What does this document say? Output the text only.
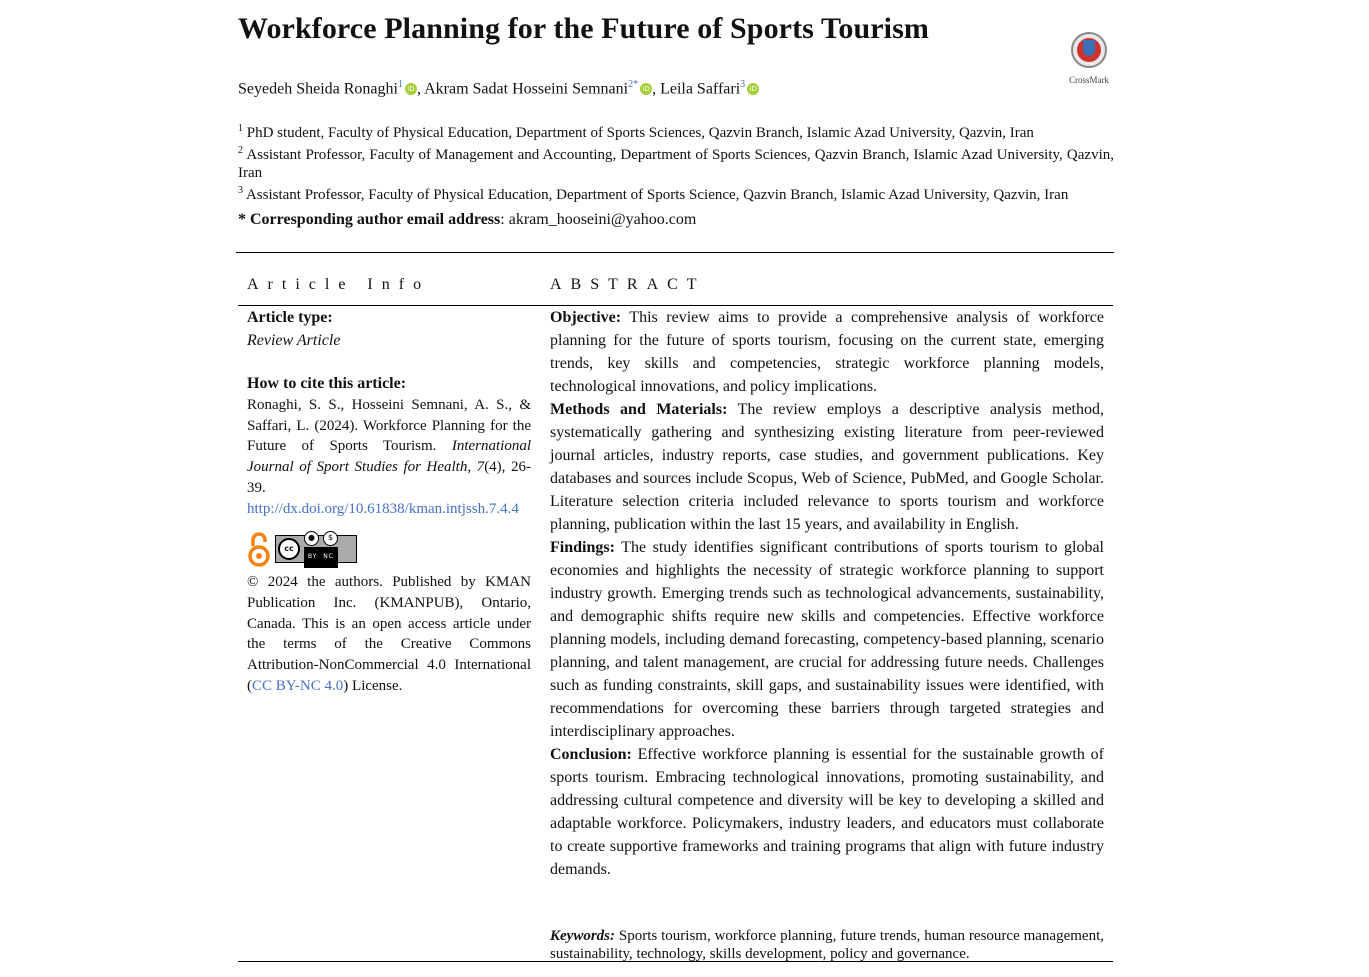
Workforce Planning for the Future of Sports Tourism
CrossMark
Seyedeh Sheida Ronaghi$^1$ iD , Akram Sadat Hosseini Semnani$^{2*}$ iD , Leila Saffari$^3$ iD
$^1$ PhD student, Faculty of Physical Education, Department of Sports Sciences, Qazvin Branch, Islamic Azad University, Qazvin, Iran
$^2$ Assistant Professor, Faculty of Management and Accounting, Department of Sports Sciences, Qazvin Branch, Islamic Azad University, Qazvin, Iran
$^3$ Assistant Professor, Faculty of Physical Education, Department of Sports Science, Qazvin Branch, Islamic Azad University, Qazvin, Iran
* Corresponding author email address: akram_hooseini@yahoo.com
Article Info	ABSTRACT
Article type:
Review Article
How to cite this article:
Ronaghi, S. S., Hosseini Semnani, A. S., & Saffari, L. (2024). Workforce Planning for the Future of Sports Tourism. International Journal of Sport Studies for Health, 7(4), 26-39.
http://dx.doi.org/10.61838/kman.intjssh.7.4.4
cc
●	$
BY NC
© 2024 the authors. Published by KMAN Publication Inc. (KMANPUB), Ontario, Canada. This is an open access article under the terms of the Creative Commons Attribution-NonCommercial 4.0 International (CC BY-NC 4.0) License.

Objective: This review aims to provide a comprehensive analysis of workforce planning for the future of sports tourism, focusing on the current state, emerging trends, key skills and competencies, strategic workforce planning models, technological innovations, and policy implications.

Methods and Materials: The review employs a descriptive analysis method, systematically gathering and synthesizing existing literature from peer-reviewed journal articles, industry reports, case studies, and government publications. Key databases and sources include Scopus, Web of Science, PubMed, and Google Scholar. Literature selection criteria included relevance to sports tourism and workforce planning, publication within the last 15 years, and availability in English.

Findings: The study identifies significant contributions of sports tourism to global economies and highlights the necessity of strategic workforce planning to support industry growth. Emerging trends such as technological advancements, sustainability, and demographic shifts require new skills and competencies. Effective workforce planning models, including demand forecasting, competency-based planning, scenario planning, and talent management, are crucial for addressing future needs. Challenges such as funding constraints, skill gaps, and sustainability issues were identified, with recommendations for overcoming these barriers through targeted strategies and interdisciplinary approaches.

Conclusion: Effective workforce planning is essential for the sustainable growth of sports tourism. Embracing technological innovations, promoting sustainability, and addressing cultural competence and diversity will be key to developing a skilled and adaptable workforce. Policymakers, industry leaders, and educators must collaborate to create supportive frameworks and training programs that align with future industry demands.

Keywords: Sports tourism, workforce planning, future trends, human resource management, sustainability, technology, skills development, policy and governance.
